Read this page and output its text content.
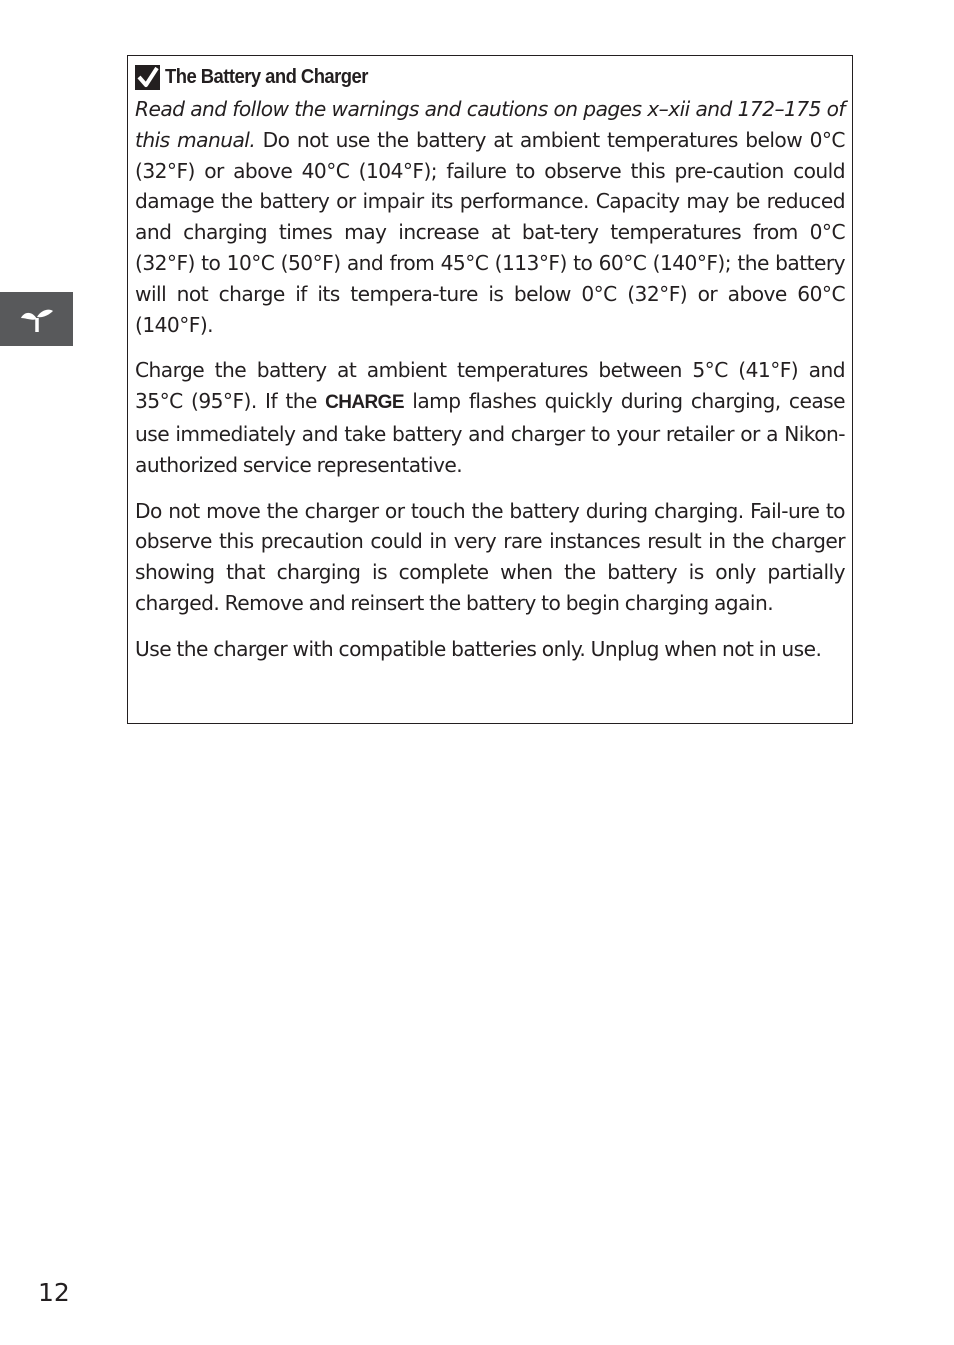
The Battery and Charger

Read and follow the warnings and cautions on pages x–xii and 172–175 of this manual. Do not use the battery at ambient temperatures below 0°C (32°F) or above 40°C (104°F); failure to observe this pre-caution could damage the battery or impair its performance. Capacity may be reduced and charging times may increase at bat-tery temperatures from 0°C (32°F) to 10°C (50°F) and from 45°C (113°F) to 60°C (140°F); the battery will not charge if its tempera-ture is below 0°C (32°F) or above 60°C (140°F).

Charge the battery at ambient temperatures between 5°C (41°F) and 35°C (95°F). If the CHARGE lamp flashes quickly during charging, cease use immediately and take battery and charger to your retailer or a Nikon-authorized service representative.

Do not move the charger or touch the battery during charging. Fail-ure to observe this precaution could in very rare instances result in the charger showing that charging is complete when the battery is only partially charged. Remove and reinsert the battery to begin charging again.

Use the charger with compatible batteries only. Unplug when not in use.

12
